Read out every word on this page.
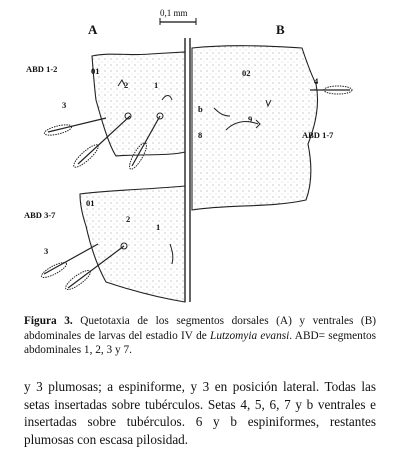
0,1 mm
A	B
ABD 1-2	01
2	1
3
ABD 3-7
01
2
1
3
02
4
b
8
9
ABD 1-7
Figura 3. Quetotaxia de los segmentos dorsales (A) y ventrales (B) abdominales de larvas del estadio IV de Lutzomyia evansi. ABD= segmentos abdominales 1, 2, 3 y 7.
y 3 plumosas; a espiniforme, y 3 en posición lateral. Todas las setas insertadas sobre tubérculos. Setas 4, 5, 6, 7 y b ventrales e insertadas sobre tubérculos. 6 y b espiniformes, restantes plumosas con escasa pilosidad.
